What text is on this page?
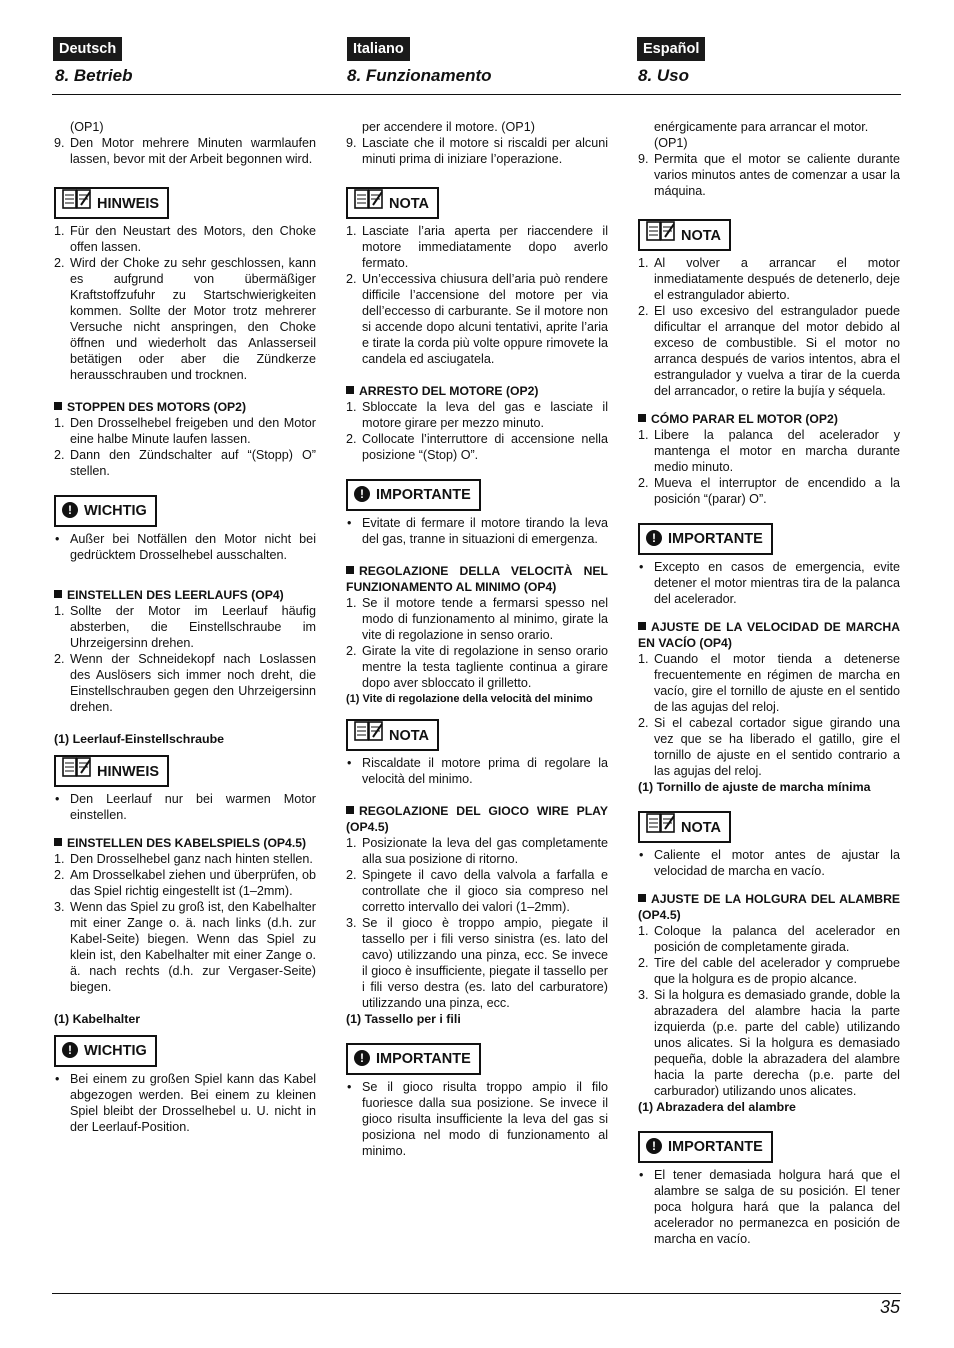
Deutsch	Italiano	Español
8. Betrieb	8. Funzionamento	8. Uso
35

(OP1)

9. Den Motor mehrere Minuten warmlaufen lassen, bevor mit der Arbeit begonnen wird.
HINWEIS
1. Für den Neustart des Motors, den Choke offen lassen.
2. Wird der Choke zu sehr geschlossen, kann es aufgrund von übermäßiger Kraftstoffzufuhr zu Startschwierigkeiten kommen. Sollte der Motor trotz mehrerer Versuche nicht anspringen, den Choke öffnen und wiederholt das Anlasserseil betätigen oder aber die Zündkerze herausschrauben und trocknen.
STOPPEN DES MOTORS (OP2)
1. Den Drosselhebel freigeben und den Motor eine halbe Minute laufen lassen.
2. Dann den Zündschalter auf “(Stopp) O” stellen.
! WICHTIG
• Außer bei Notfällen den Motor nicht bei gedrücktem Drosselhebel ausschalten.
EINSTELLEN DES LEERLAUFS (OP4)
1. Sollte der Motor im Leerlauf häufig absterben, die Einstellschraube im Uhrzeigersinn drehen.
2. Wenn der Schneidekopf nach Loslassen des Auslösers sich immer noch dreht, die Einstellschrauben gegen den Uhrzeigersinn drehen.
(1) Leerlauf-Einstellschraube
HINWEIS
• Den Leerlauf nur bei warmen Motor einstellen.
EINSTELLEN DES KABELSPIELS (OP4.5)
1. Den Drosselhebel ganz nach hinten stellen.
2. Am Drosselkabel ziehen und überprüfen, ob das Spiel richtig eingestellt ist (1–2mm).
3. Wenn das Spiel zu groß ist, den Kabelhalter mit einer Zange o. ä. nach links (d.h. zur Kabel-Seite) biegen. Wenn das Spiel zu klein ist, den Kabelhalter mit einer Zange o. ä. nach rechts (d.h. zur Vergaser-Seite) biegen.
(1) Kabelhalter
! WICHTIG
• Bei einem zu großen Spiel kann das Kabel abgezogen werden. Bei einem zu kleinen Spiel bleibt der Drosselhebel u. U. nicht in der Leerlauf-Position.

per accendere il motore. (OP1)

9. Lasciate che il motore si riscaldi per alcuni minuti prima di iniziare l’operazione.
NOTA
1. Lasciate l’aria aperta per riaccendere il motore immediatamente dopo averlo fermato.
2. Un’eccessiva chiusura dell’aria può rendere difficile l’accensione del motore per via dell’eccesso di carburante. Se il motore non si accende dopo alcuni tentativi, aprite l’aria e tirate la corda più volte oppure rimovete la candela ed asciugatela.
ARRESTO DEL MOTORE (OP2)
1. Sbloccate la leva del gas e lasciate il motore girare per mezzo minuto.
2. Collocate l’interruttore di accensione nella posizione “(Stop) O”.
! IMPORTANTE
• Evitate di fermare il motore tirando la leva del gas, tranne in situazioni di emergenza.
REGOLAZIONE DELLA VELOCITÀ NEL FUNZIONAMENTO AL MINIMO (OP4)
1. Se il motore tende a fermarsi spesso nel modo di funzionamento al minimo, girate la vite di regolazione in senso orario.
2. Girate la vite di regolazione in senso orario mentre la testa tagliente continua a girare dopo aver sbloccato il grilletto.
(1) Vite di regolazione della velocità del minimo
NOTA
• Riscaldate il motore prima di regolare la velocità del minimo.
REGOLAZIONE DEL GIOCO WIRE PLAY (OP4.5)
1. Posizionate la leva del gas completamente alla sua posizione di ritorno.
2. Spingete il cavo della valvola a farfalla e controllate che il gioco sia compreso nel corretto intervallo dei valori (1–2mm).
3. Se il gioco è troppo ampio, piegate il tassello per i fili verso sinistra (es. lato del cavo) utilizzando una pinza, ecc. Se invece il gioco è insufficiente, piegate il tassello per i fili verso destra (es. lato del carburatore) utilizzando una pinza, ecc.
(1) Tassello per i fili
! IMPORTANTE
• Se il gioco risulta troppo ampio il filo fuoriesce dalla sua posizione. Se invece il gioco risulta insufficiente la leva del gas si posiziona nel modo di funzionamento al minimo.

enérgicamente para arrancar el motor.

(OP1)

9. Permita que el motor se caliente durante varios minutos antes de comenzar a usar la máquina.
NOTA
1. Al volver a arrancar el motor inmediatamente después de detenerlo, deje el estrangulador abierto.
2. El uso excesivo del estrangulador puede dificultar el arranque del motor debido al exceso de combustible. Si el motor no arranca después de varios intentos, abra el estrangulador y vuelva a tirar de la cuerda del arrancador, o retire la bujía y séquela.
CÓMO PARAR EL MOTOR (OP2)
1. Libere la palanca del acelerador y mantenga el motor en marcha durante medio minuto.
2. Mueva el interruptor de encendido a la posición “(parar) O”.
! IMPORTANTE
• Excepto en casos de emergencia, evite detener el motor mientras tira de la palanca del acelerador.
AJUSTE DE LA VELOCIDAD DE MARCHA EN VACÍO (OP4)
1. Cuando el motor tienda a detenerse frecuentemente en régimen de marcha en vacío, gire el tornillo de ajuste en el sentido de las agujas del reloj.
2. Si el cabezal cortador sigue girando una vez que se ha liberado el gatillo, gire el tornillo de ajuste en el sentido contrario a las agujas del reloj.
(1) Tornillo de ajuste de marcha mínima
NOTA
• Caliente el motor antes de ajustar la velocidad de marcha en vacío.
AJUSTE DE LA HOLGURA DEL ALAMBRE (OP4.5)
1. Coloque la palanca del acelerador en posición de completamente girada.
2. Tire del cable del acelerador y compruebe que la holgura es de propio alcance.
3. Si la holgura es demasiado grande, doble la abrazadera del alambre hacia la parte izquierda (p.e. parte del cable) utilizando unos alicates. Si la holgura es demasiado pequeña, doble la abrazadera del alambre hacia la parte derecha (p.e. parte del carburador) utilizando unos alicates.
(1) Abrazadera del alambre
! IMPORTANTE
• El tener demasiada holgura hará que el alambre se salga de su posición. El tener poca holgura hará que la palanca del acelerador no permanezca en posición de marcha en vacío.
